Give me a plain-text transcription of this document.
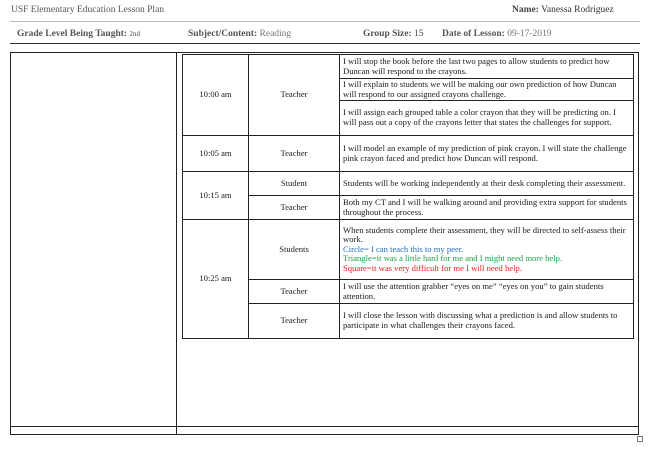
USF Elementary Education Lesson Plan	Name: Vanessa Rodriguez
Grade Level Being Taught: 2nd	Subject/Content: Reading	Group Size: 15 Date of Lesson: 09-17-2019
10:00 am	Teacher	I will stop the book before the last two pages to allow students to predict how Duncan will respond to the crayons.
		I will explain to students we will be making our own prediction of how Duncan will respond to our assigned crayons challenge.
		I will assign each grouped table a color crayon that they will be predicting on. I will pass out a copy of the crayons letter that states the challenges for support.
10:05 am	Teacher	I will model an example of my prediction of pink crayon. I will state the challenge pink crayon faced and predict how Duncan will respond.
10:15 am	Student	Students will be working independently at their desk completing their assessment.
	Teacher	Both my CT and I will be walking around and providing extra support for students throughout the process.
10:25 am	Students	When students complete their assessment, they will be directed to self-assess their work.
Circle= I can teach this to my peer.
Triangle=it was a little hard for me and I might need more help.
Square=it was very difficult for me I will need help.

	Teacher	I will use the attention grabber “eyes on me” “eyes on you” to gain students attention.
	Teacher	I will close the lesson with discussing what a prediction is and allow students to participate in what challenges their crayons faced.
